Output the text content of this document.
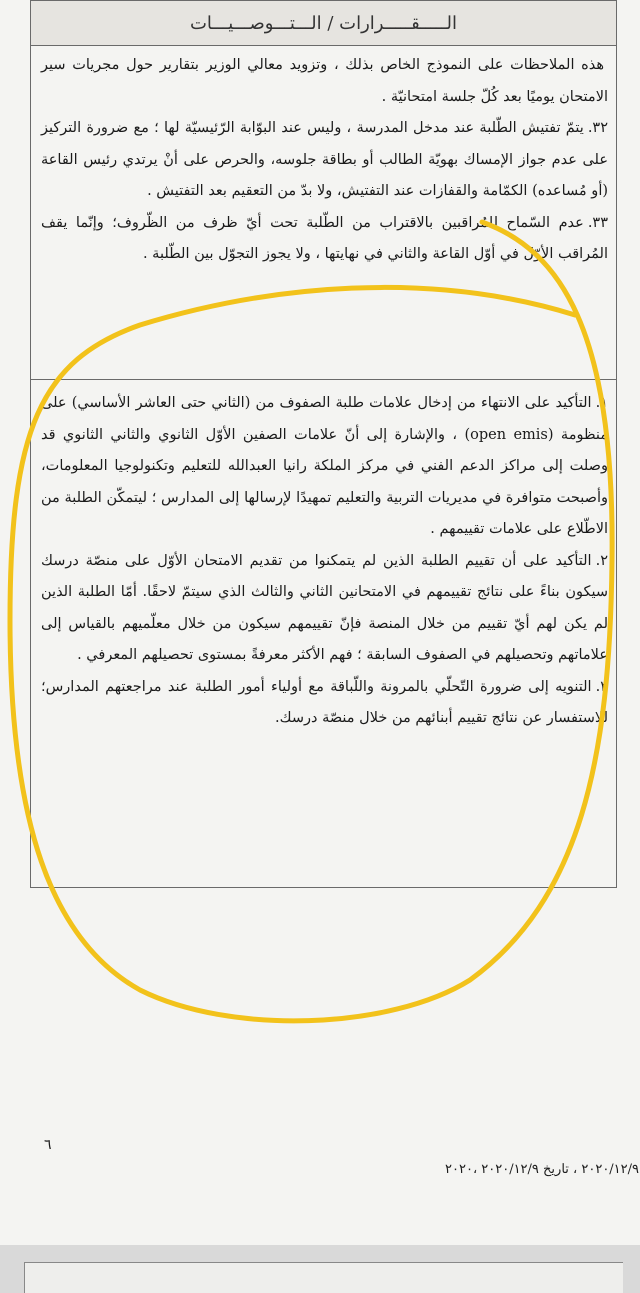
الـــــقـــــرارات / الـــتـــوصـــيـــات

هذه الملاحظات على النموذج الخاص بذلك ، وتزويد معالي الوزير بتقارير حول مجريات سير الامتحان يوميًا بعد كُلّ جلسة امتحانيّة .

٣٢.يتمّ تفتيش الطّلبة عند مدخل المدرسة ، وليس عند البوّابة الرّئيسيّة لها ؛ مع ضرورة التركيز على عدم جواز الإمساك بهويّة الطالب أو بطاقة جلوسه، والحرص على أنْ يرتدي رئيس القاعة (أو مُساعده) الكمّامة والقفازات عند التفتيش، ولا بدّ من التعقيم بعد التفتيش .

٣٣.عدم السّماح للمُراقبين بالاقتراب من الطّلبة تحت أيّ ظرف من الظّروف؛ وإنّما يقف المُراقب الأوّل في أوّل القاعة والثاني في نهايتها ، ولا يجوز التجوّل بين الطّلبة .

١.التأكيد على الانتهاء من إدخال علامات طلبة الصفوف من (الثاني حتى العاشر الأساسي) على منظومة (open emis) ، والإشارة إلى أنّ علامات الصفين الأوّل الثانوي والثاني الثانوي قد وصلت إلى مراكز الدعم الفني في مركز الملكة رانيا العبدالله للتعليم وتكنولوجيا المعلومات، وأصبحت متوافرة في مديريات التربية والتعليم تمهيدًا لإرسالها إلى المدارس ؛ ليتمكّن الطلبة من الاطّلاع على علامات تقييمهم .

٢.التأكيد على أن تقييم الطلبة الذين لم يتمكنوا من تقديم الامتحان الأوّل على منصّة درسك سيكون بناءً على نتائج تقييمهم في الامتحانين الثاني والثالث الذي سيتمّ لاحقًا. أمّا الطلبة الذين لم يكن لهم أيّ تقييم من خلال المنصة فإنّ تقييمهم سيكون من خلال معلّميهم بالقياس إلى علاماتهم وتحصيلهم في الصفوف السابقة ؛ فهم الأكثر معرفةً بمستوى تحصيلهم المعرفي .

٣.التنويه إلى ضرورة التّحلّي بالمرونة واللّباقة مع أولياء أمور الطلبة عند مراجعتهم المدارس؛ للاستفسار عن نتائج تقييم أبنائهم من خلال منصّة درسك.

٦
٢٠٢٠/١٢/٩ ، تاريخ ٢٠٢٠/١٢/٩ ،٢٠٢٠
